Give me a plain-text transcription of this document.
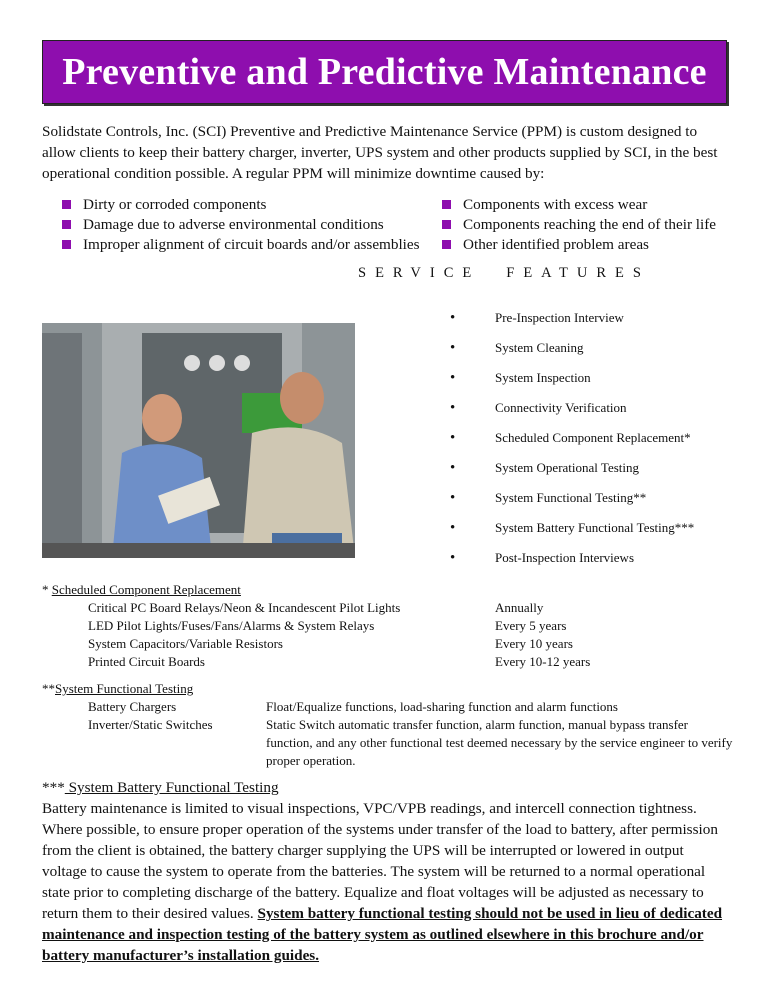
Preventive and Predictive Maintenance
Solidstate Controls, Inc. (SCI) Preventive and Predictive Maintenance Service (PPM) is custom designed to allow clients to keep their battery charger, inverter, UPS system and other products supplied by SCI, in the best operational condition possible. A regular PPM will minimize downtime caused by:
Dirty or corroded components
Damage due to adverse environmental conditions
Improper alignment of circuit boards and/or assemblies
Components with excess wear
Components reaching the end of their life
Other identified problem areas
SERVICE FEATURES
•	Pre-Inspection Interview
•	System Cleaning
•	System Inspection
•	Connectivity Verification
•	Scheduled Component Replacement*
•	System Operational Testing
•	System Functional Testing**
•	System Battery Functional Testing***
•	Post-Inspection Interviews
* Scheduled Component Replacement
Critical PC Board Relays/Neon & Incandescent Pilot Lights	Annually
LED Pilot Lights/Fuses/Fans/Alarms & System Relays	Every 5 years
System Capacitors/Variable Resistors	Every 10 years
Printed Circuit Boards	Every 10-12 years
**System Functional Testing
Battery Chargers	Float/Equalize functions, load-sharing function and alarm functions
Inverter/Static Switches	Static Switch automatic transfer function, alarm function, manual bypass transfer function, and any other functional test deemed necessary by the service engineer to verify proper operation.
*** System Battery Functional Testing
Battery maintenance is limited to visual inspections, VPC/VPB readings, and intercell connection tightness. Where possible, to ensure proper operation of the systems under transfer of the load to battery, after permission from the client is obtained, the battery charger supplying the UPS will be interrupted or lowered in output voltage to cause the system to operate from the batteries. The system will be returned to a normal operational state prior to completing discharge of the battery. Equalize and float voltages will be adjusted as necessary to return them to their desired values. System battery functional testing should not be used in lieu of dedicated maintenance and inspection testing of the battery system as outlined elsewhere in this brochure and/or battery manufacturer’s installation guides.
